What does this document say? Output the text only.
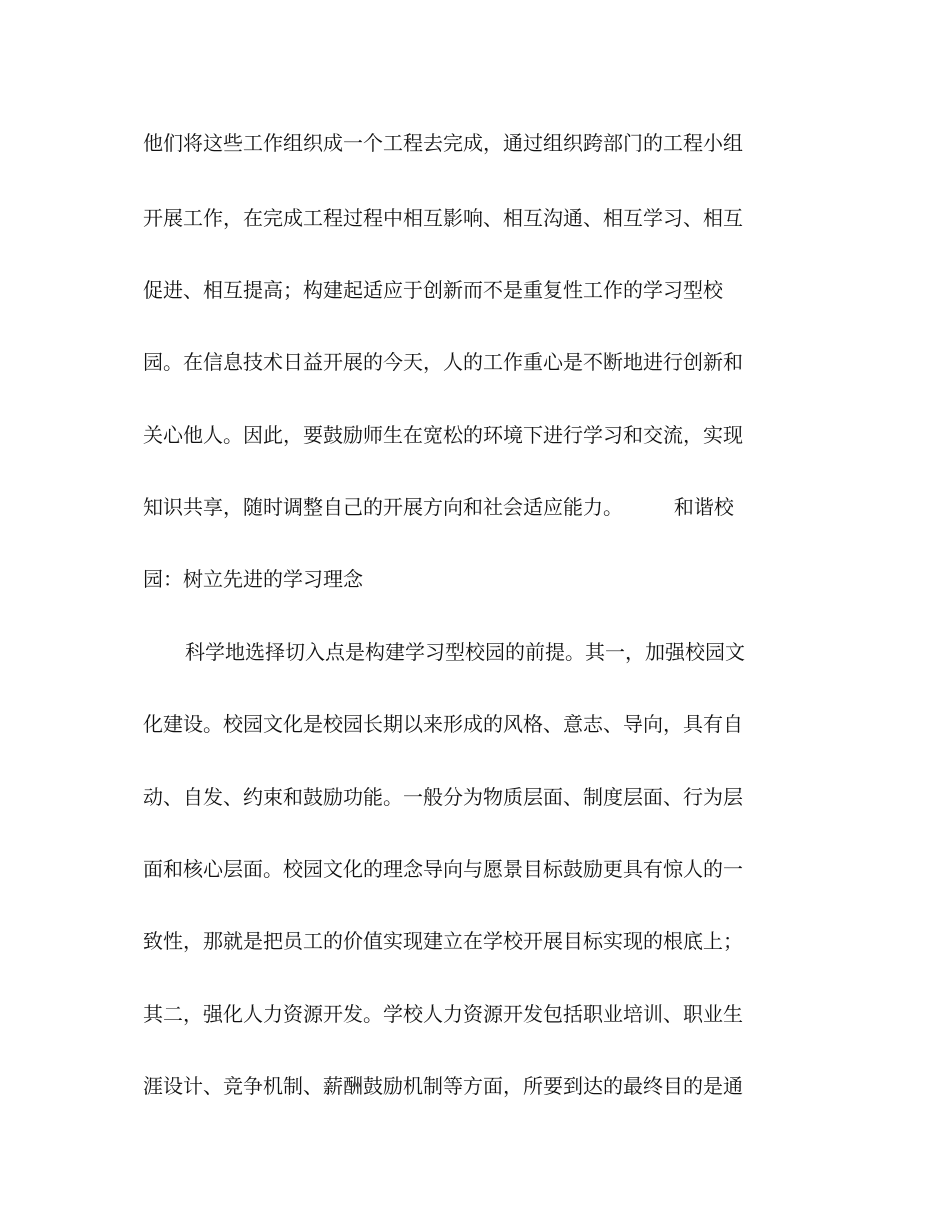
他们将这些工作组织成一个工程去完成，通过组织跨部门的工程小组

开展工作，在完成工程过程中相互影响、相互沟通、相互学习、相互

促进、相互提高；构建起适应于创新而不是重复性工作的学习型校

园。在信息技术日益开展的今天，人的工作重心是不断地进行创新和

关心他人。因此，要鼓励师生在宽松的环境下进行学习和交流，实现

知识共享，随时调整自己的开展方向和社会适应能力。        和谐校

园：树立先进的学习理念

科学地选择切入点是构建学习型校园的前提。其一，加强校园文

化建设。校园文化是校园长期以来形成的风格、意志、导向，具有自

动、自发、约束和鼓励功能。一般分为物质层面、制度层面、行为层

面和核心层面。校园文化的理念导向与愿景目标鼓励更具有惊人的一

致性，那就是把员工的价值实现建立在学校开展目标实现的根底上；

其二，强化人力资源开发。学校人力资源开发包括职业培训、职业生

涯设计、竞争机制、薪酬鼓励机制等方面，所要到达的最终目的是通
